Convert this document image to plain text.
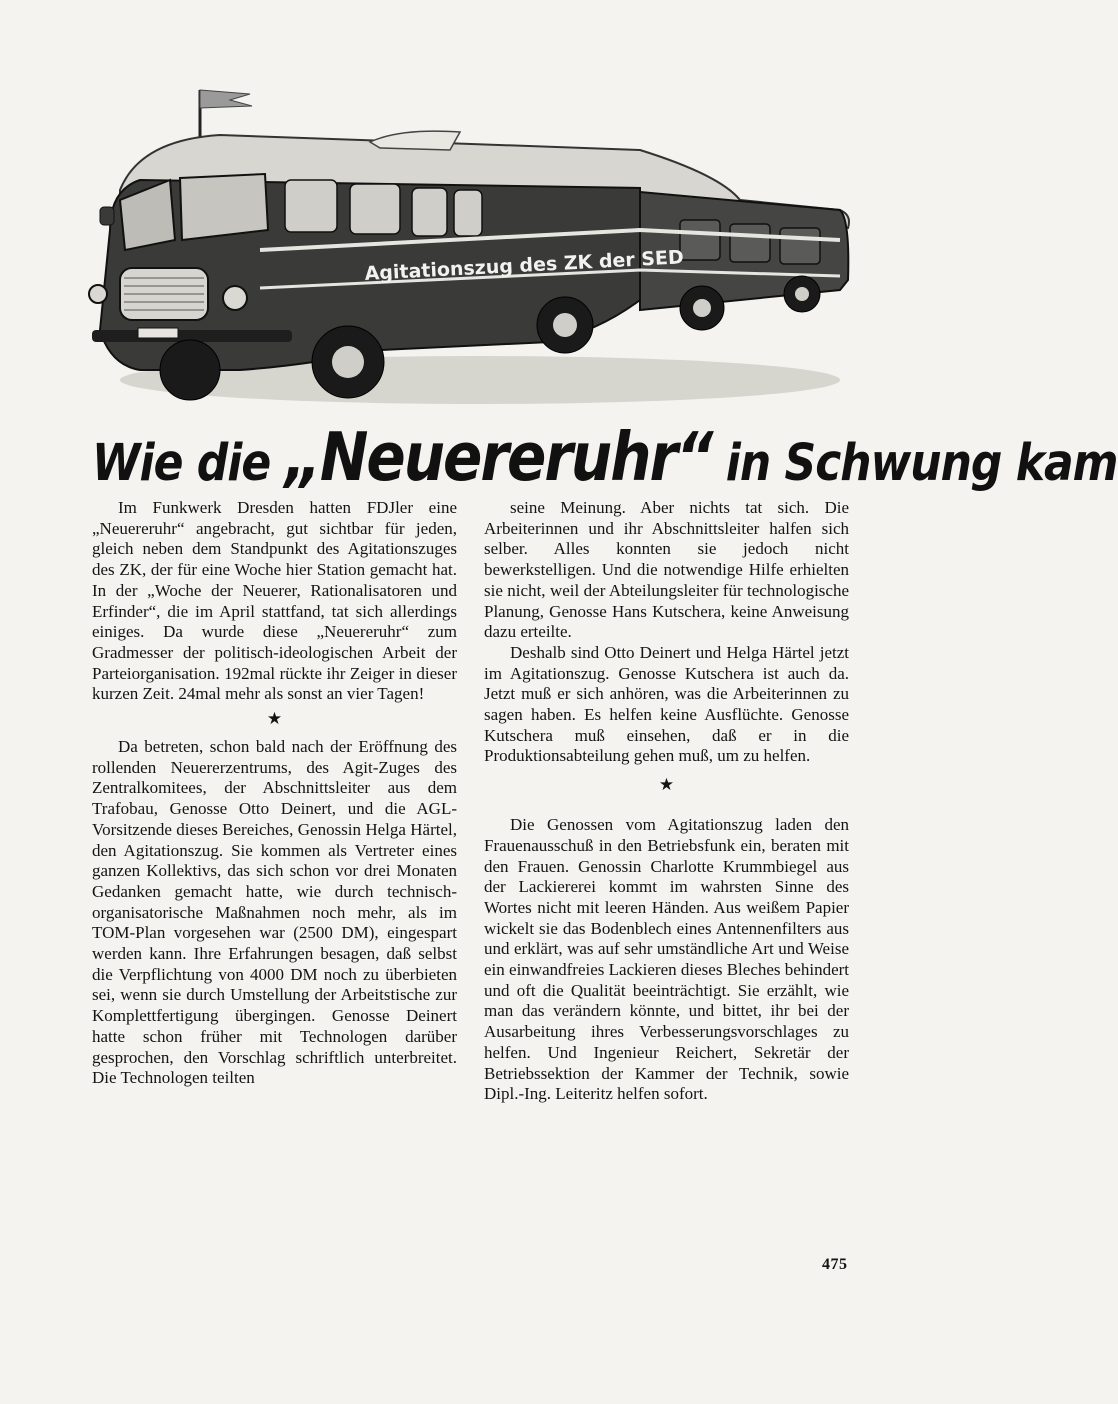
Agitationszug des ZK der SED
Wie die „Neuereruhr“ in Schwung kam

Im Funkwerk Dresden hatten FDJler eine „Neuereruhr“ angebracht, gut sichtbar für jeden, gleich neben dem Standpunkt des Agitationszuges des ZK, der für eine Woche hier Station gemacht hat. In der „Woche der Neuerer, Rationalisatoren und Erfinder“, die im April stattfand, tat sich allerdings einiges. Da wurde diese „Neuereruhr“ zum Gradmesser der politisch-ideologischen Arbeit der Parteiorganisation. 192mal rückte ihr Zeiger in dieser kurzen Zeit. 24mal mehr als sonst an vier Tagen!

★

Da betreten, schon bald nach der Eröffnung des rollenden Neuererzentrums, des Agit-Zuges des Zentralkomitees, der Abschnittsleiter aus dem Trafobau, Genosse Otto Deinert, und die AGL-Vorsitzende dieses Bereiches, Genossin Helga Härtel, den Agitationszug. Sie kommen als Vertreter eines ganzen Kollektivs, das sich schon vor drei Monaten Gedanken gemacht hatte, wie durch technisch-organisatorische Maßnahmen noch mehr, als im TOM-Plan vorgesehen war (2500 DM), eingespart werden kann. Ihre Erfahrungen besagen, daß selbst die Verpflichtung von 4000 DM noch zu überbieten sei, wenn sie durch Umstellung der Arbeitstische zur Komplettfertigung übergingen. Genosse Deinert hatte schon früher mit Technologen darüber gesprochen, den Vorschlag schriftlich unterbreitet. Die Technologen teilten

seine Meinung. Aber nichts tat sich. Die Arbeiterinnen und ihr Abschnittsleiter halfen sich selber. Alles konnten sie jedoch nicht bewerkstelligen. Und die notwendige Hilfe erhielten sie nicht, weil der Abteilungsleiter für technologische Planung, Genosse Hans Kutschera, keine Anweisung dazu erteilte.

Deshalb sind Otto Deinert und Helga Härtel jetzt im Agitationszug. Genosse Kutschera ist auch da. Jetzt muß er sich anhören, was die Arbeiterinnen zu sagen haben. Es helfen keine Ausflüchte. Genosse Kutschera muß einsehen, daß er in die Produktionsabteilung gehen muß, um zu helfen.

★

Die Genossen vom Agitationszug laden den Frauenausschuß in den Betriebsfunk ein, beraten mit den Frauen. Genossin Charlotte Krummbiegel aus der Lackiererei kommt im wahrsten Sinne des Wortes nicht mit leeren Händen. Aus weißem Papier wickelt sie das Bodenblech eines Antennenfilters aus und erklärt, was auf sehr umständliche Art und Weise ein einwandfreies Lackieren dieses Bleches behindert und oft die Qualität beeinträchtigt. Sie erzählt, wie man das verändern könnte, und bittet, ihr bei der Ausarbeitung ihres Verbesserungsvorschlages zu helfen. Und Ingenieur Reichert, Sekretär der Betriebssektion der Kammer der Technik, sowie Dipl.-Ing. Leiteritz helfen sofort.

475
